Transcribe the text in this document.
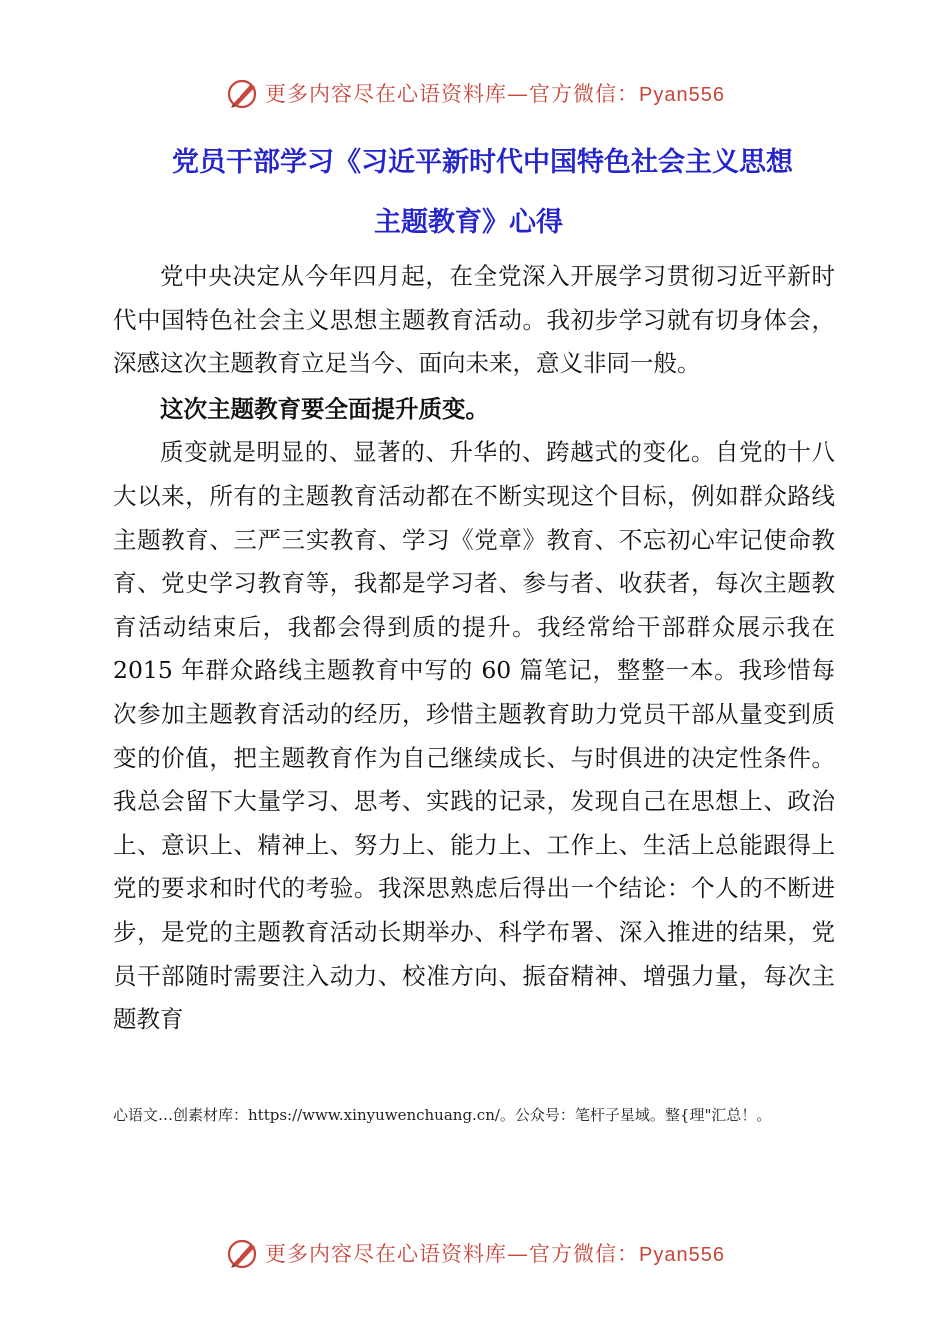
更多内容尽在心语资料库—官方微信：Pyan556
党员干部学习《习近平新时代中国特色社会主义思想
主题教育》心得

党中央决定从今年四月起，在全党深入开展学习贯彻习近平新时代中国特色社会主义思想主题教育活动。我初步学习就有切身体会，深感这次主题教育立足当今、面向未来，意义非同一般。

这次主题教育要全面提升质变。

质变就是明显的、显著的、升华的、跨越式的变化。自党的十八大以来，所有的主题教育活动都在不断实现这个目标，例如群众路线主题教育、三严三实教育、学习《党章》教育、不忘初心牢记使命教育、党史学习教育等，我都是学习者、参与者、收获者，每次主题教育活动结束后，我都会得到质的提升。我经常给干部群众展示我在 2015 年群众路线主题教育中写的 60 篇笔记，整整一本。我珍惜每次参加主题教育活动的经历，珍惜主题教育助力党员干部从量变到质变的价值，把主题教育作为自己继续成长、与时俱进的决定性条件。我总会留下大量学习、思考、实践的记录，发现自己在思想上、政治上、意识上、精神上、努力上、能力上、工作上、生活上总能跟得上党的要求和时代的考验。我深思熟虑后得出一个结论：个人的不断进步，是党的主题教育活动长期举办、科学布署、深入推进的结果，党员干部随时需要注入动力、校准方向、振奋精神、增强力量，每次主题教育

心语文…创素材库：https://www.xinyuwenchuang.cn/。公众号：笔杆子星域。整{理"汇总！。
更多内容尽在心语资料库—官方微信：Pyan556
